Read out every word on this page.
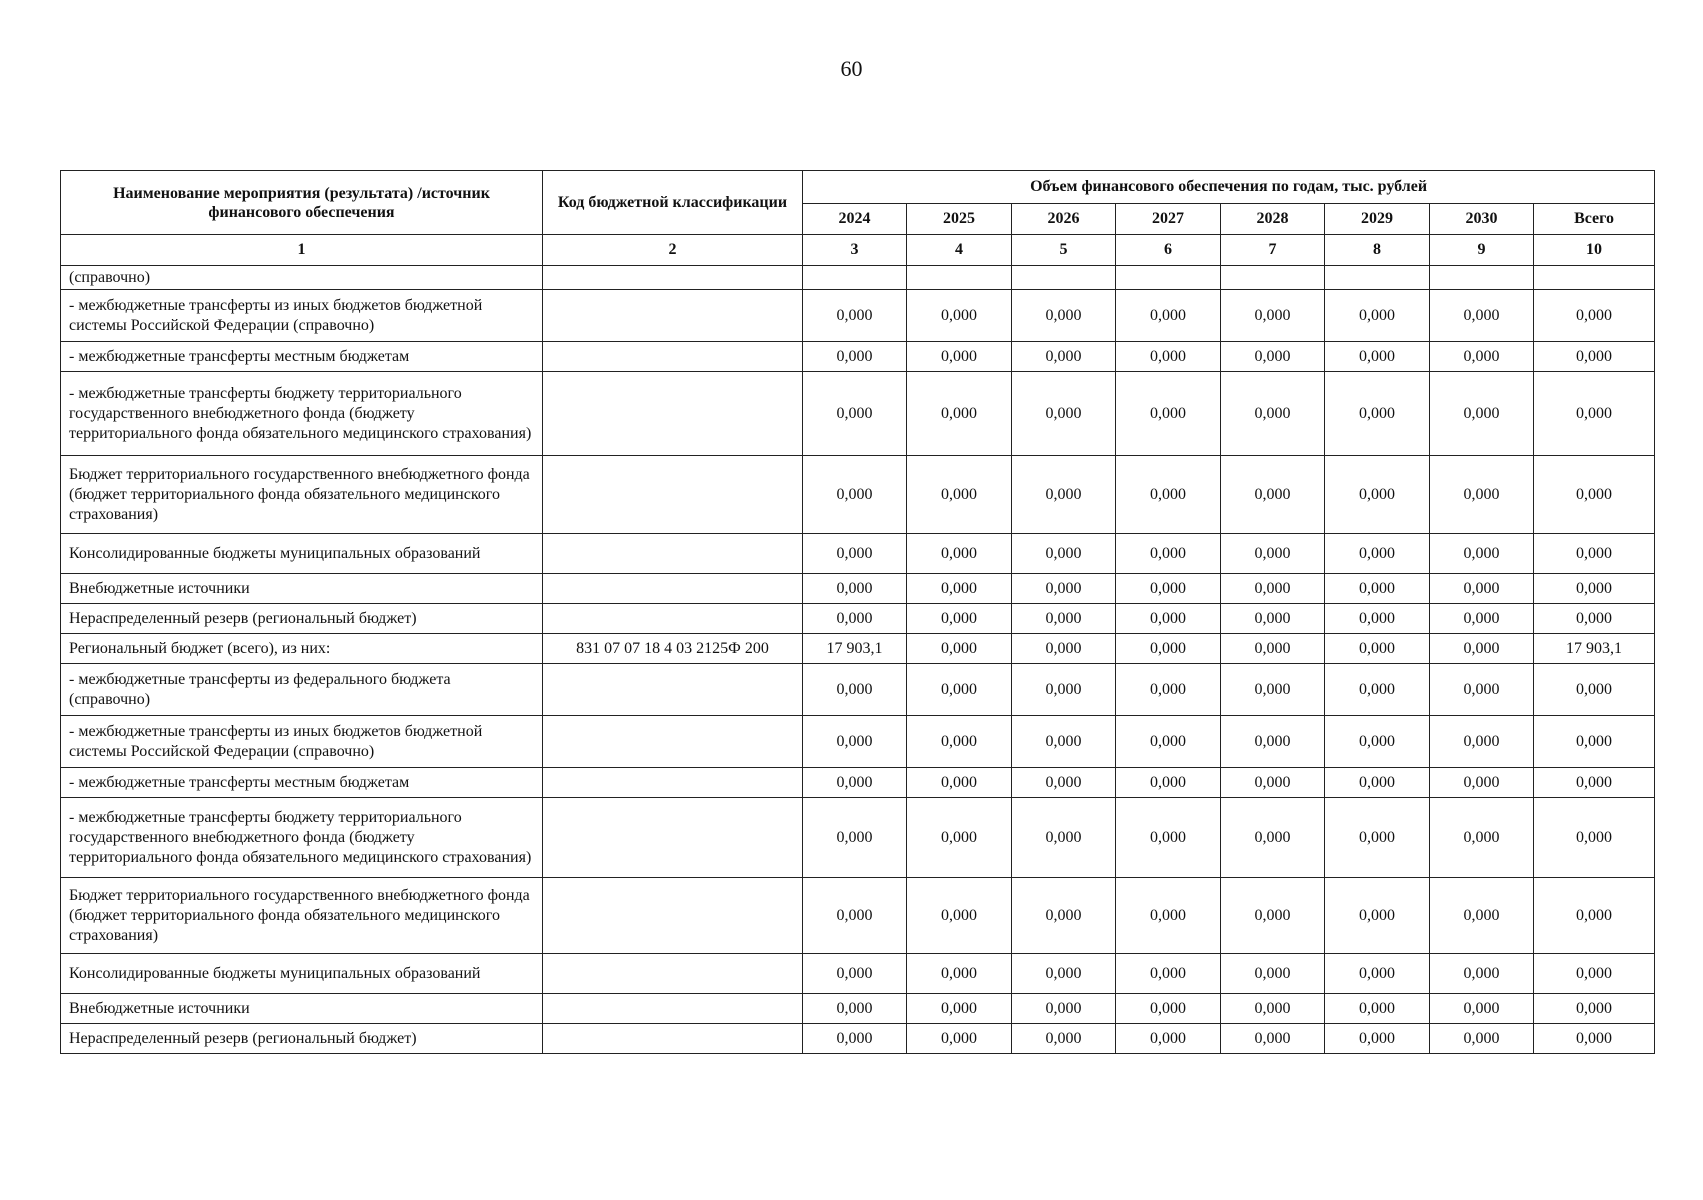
60
Наименование мероприятия (результата) /источник финансового обеспечения	Код бюджетной классификации	Объем финансового обеспечения по годам, тыс. рублей							
		2024	2025	2026	2027	2028	2029	2030	Всего
1	2	3	4	5	6	7	8	9	10
(справочно)									
- межбюджетные трансферты из иных бюджетов бюджетной системы Российской Федерации (справочно)		0,000	0,000	0,000	0,000	0,000	0,000	0,000	0,000
- межбюджетные трансферты местным бюджетам		0,000	0,000	0,000	0,000	0,000	0,000	0,000	0,000
- межбюджетные трансферты бюджету территориального государственного внебюджетного фонда (бюджету территориального фонда обязательного медицинского страхования)		0,000	0,000	0,000	0,000	0,000	0,000	0,000	0,000
Бюджет территориального государственного внебюджетного фонда (бюджет территориального фонда обязательного медицинского страхования)		0,000	0,000	0,000	0,000	0,000	0,000	0,000	0,000
Консолидированные бюджеты муниципальных образований		0,000	0,000	0,000	0,000	0,000	0,000	0,000	0,000
Внебюджетные источники		0,000	0,000	0,000	0,000	0,000	0,000	0,000	0,000
Нераспределенный резерв (региональный бюджет)		0,000	0,000	0,000	0,000	0,000	0,000	0,000	0,000
Региональный бюджет (всего), из них:	831 07 07 18 4 03 2125Ф 200	17 903,1	0,000	0,000	0,000	0,000	0,000	0,000	17 903,1
- межбюджетные трансферты из федерального бюджета (справочно)		0,000	0,000	0,000	0,000	0,000	0,000	0,000	0,000
- межбюджетные трансферты из иных бюджетов бюджетной системы Российской Федерации (справочно)		0,000	0,000	0,000	0,000	0,000	0,000	0,000	0,000
- межбюджетные трансферты местным бюджетам		0,000	0,000	0,000	0,000	0,000	0,000	0,000	0,000
- межбюджетные трансферты бюджету территориального государственного внебюджетного фонда (бюджету территориального фонда обязательного медицинского страхования)		0,000	0,000	0,000	0,000	0,000	0,000	0,000	0,000
Бюджет территориального государственного внебюджетного фонда (бюджет территориального фонда обязательного медицинского страхования)		0,000	0,000	0,000	0,000	0,000	0,000	0,000	0,000
Консолидированные бюджеты муниципальных образований		0,000	0,000	0,000	0,000	0,000	0,000	0,000	0,000
Внебюджетные источники		0,000	0,000	0,000	0,000	0,000	0,000	0,000	0,000
Нераспределенный резерв (региональный бюджет)		0,000	0,000	0,000	0,000	0,000	0,000	0,000	0,000
